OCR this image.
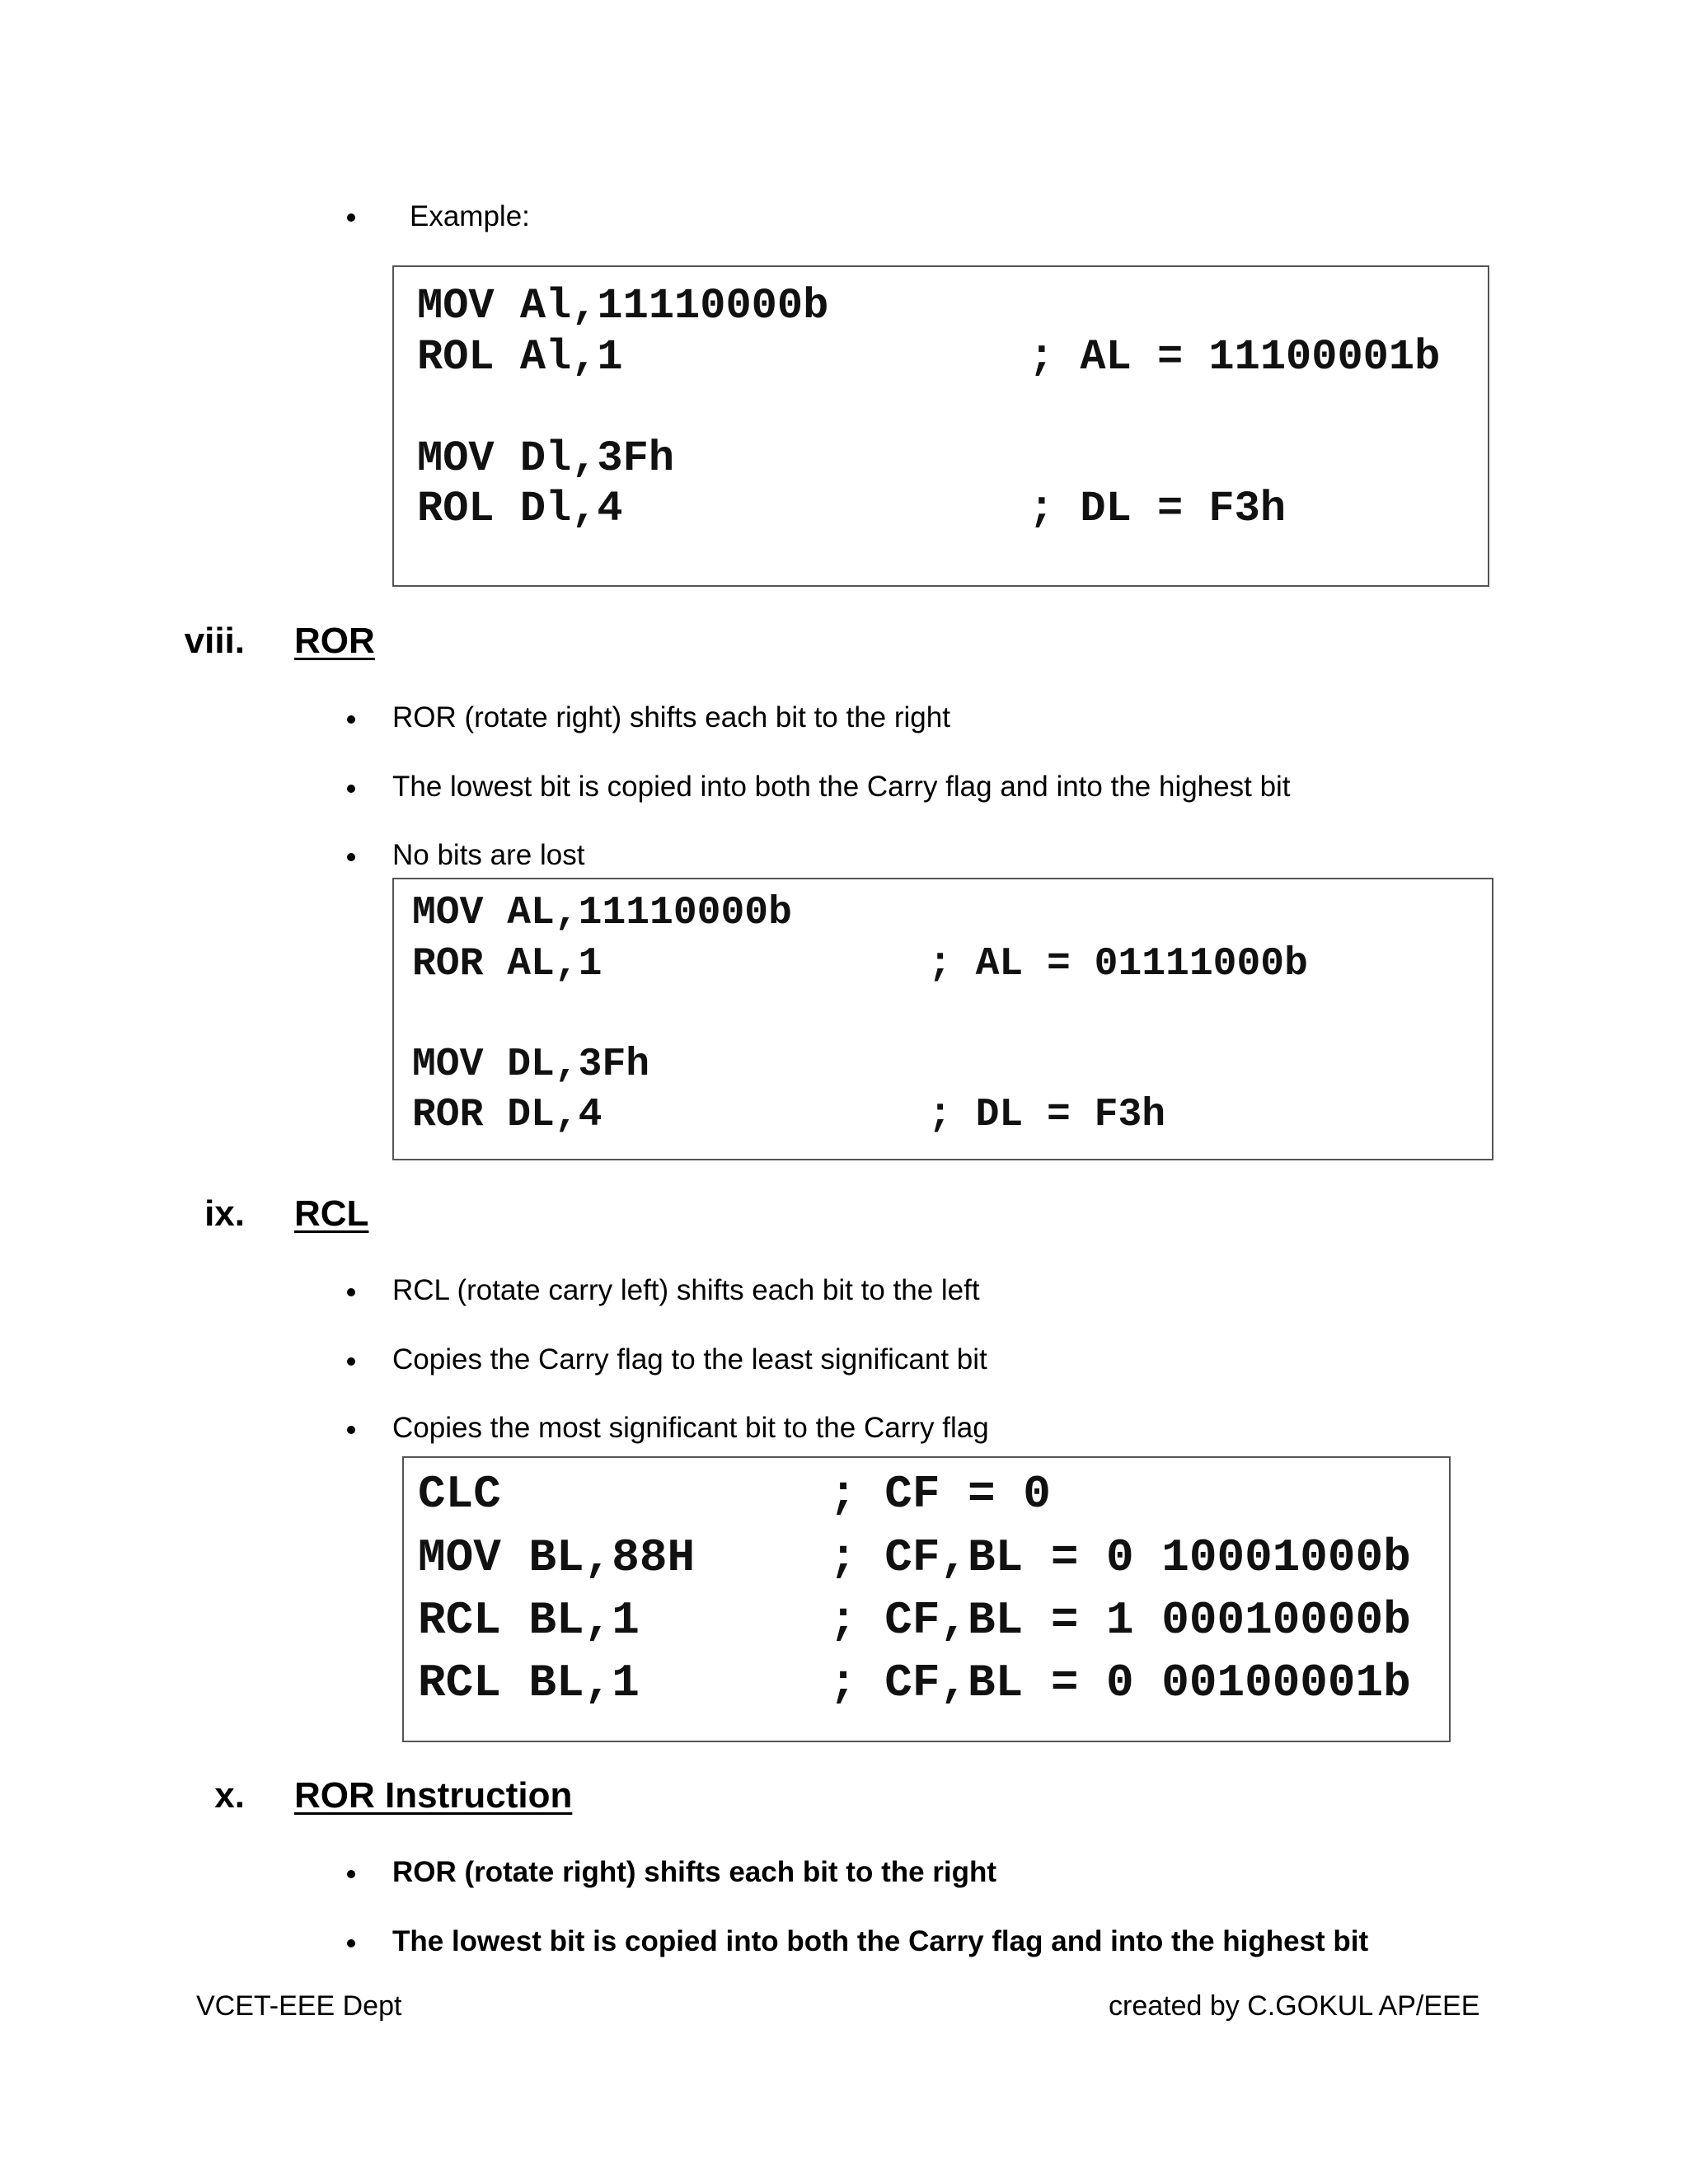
Example:
MOV Al,11110000b
ROL Al,1	; AL = 11100001b
MOV Dl,3Fh
ROL Dl,4	; DL = F3h
viii. ROR
ROR (rotate right) shifts each bit to the right
The lowest bit is copied into both the Carry flag and into the highest bit
No bits are lost
MOV AL,11110000b
ROR AL,1	; AL = 01111000b
MOV DL,3Fh
ROR DL,4	; DL = F3h
ix. RCL
RCL (rotate carry left) shifts each bit to the left
Copies the Carry flag to the least significant bit
Copies the most significant bit to the Carry flag
CLC	; CF = 0
MOV BL,88H	; CF,BL = 0 10001000b
RCL BL,1	; CF,BL = 1 00010000b
RCL BL,1	; CF,BL = 0 00100001b
x. ROR Instruction
ROR (rotate right) shifts each bit to the right
The lowest bit is copied into both the Carry flag and into the highest bit
VCET-EEE Dept	created by C.GOKUL AP/EEE
